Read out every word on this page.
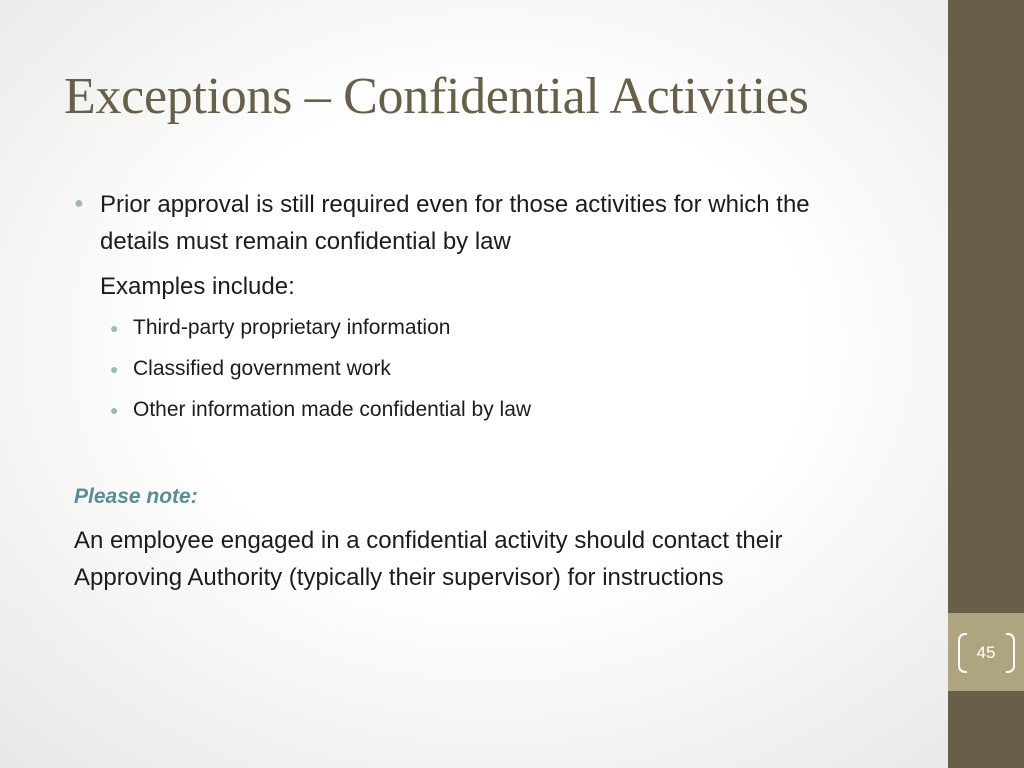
Exceptions – Confidential Activities
● Prior approval is still required even for those activities for which the details must remain confidential by law
Examples include:
● Third-party proprietary information
● Classified government work
● Other information made confidential by law
Please note:
An employee engaged in a confidential activity should contact their Approving Authority (typically their supervisor) for instructions
45
